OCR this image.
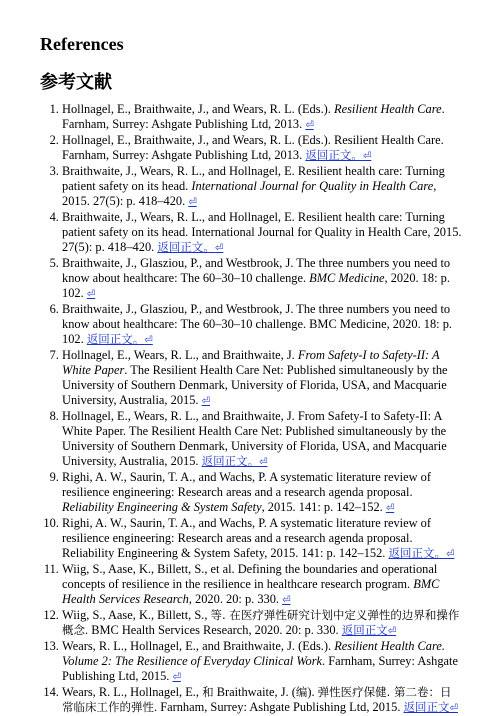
References
参考文献
1. Hollnagel, E., Braithwaite, J., and Wears, R. L. (Eds.). Resilient Health Care. Farnham, Surrey: Ashgate Publishing Ltd, 2013. ⏎
2. Hollnagel, E., Braithwaite, J., and Wears, R. L. (Eds.). Resilient Health Care. Farnham, Surrey: Ashgate Publishing Ltd, 2013. 返回正文。⏎
3. Braithwaite, J., Wears, R. L., and Hollnagel, E. Resilient health care: Turning patient safety on its head. International Journal for Quality in Health Care, 2015. 27(5): p. 418–420. ⏎
4. Braithwaite, J., Wears, R. L., and Hollnagel, E. Resilient health care: Turning patient safety on its head. International Journal for Quality in Health Care, 2015. 27(5): p. 418–420. 返回正文。⏎
5. Braithwaite, J., Glasziou, P., and Westbrook, J. The three numbers you need to know about healthcare: The 60–30–10 challenge. BMC Medicine, 2020. 18: p. 102. ⏎
6. Braithwaite, J., Glasziou, P., and Westbrook, J. The three numbers you need to know about healthcare: The 60–30–10 challenge. BMC Medicine, 2020. 18: p. 102. 返回正文。⏎
7. Hollnagel, E., Wears, R. L., and Braithwaite, J. From Safety-I to Safety-II: A White Paper. The Resilient Health Care Net: Published simultaneously by the University of Southern Denmark, University of Florida, USA, and Macquarie University, Australia, 2015. ⏎
8. Hollnagel, E., Wears, R. L., and Braithwaite, J. From Safety-I to Safety-II: A White Paper. The Resilient Health Care Net: Published simultaneously by the University of Southern Denmark, University of Florida, USA, and Macquarie University, Australia, 2015. 返回正文。⏎
9. Righi, A. W., Saurin, T. A., and Wachs, P. A systematic literature review of resilience engineering: Research areas and a research agenda proposal. Reliability Engineering & System Safety, 2015. 141: p. 142–152. ⏎
10. Righi, A. W., Saurin, T. A., and Wachs, P. A systematic literature review of resilience engineering: Research areas and a research agenda proposal. Reliability Engineering & System Safety, 2015. 141: p. 142–152. 返回正文。⏎
11. Wiig, S., Aase, K., Billett, S., et al. Defining the boundaries and operational concepts of resilience in the resilience in healthcare research program. BMC Health Services Research, 2020. 20: p. 330. ⏎
12. Wiig, S., Aase, K., Billett, S., 等. 在医疗弹性研究计划中定义弹性的边界和操作概念. BMC Health Services Research, 2020. 20: p. 330. 返回正文⏎
13. Wears, R. L., Hollnagel, E., and Braithwaite, J. (Eds.). Resilient Health Care. Volume 2: The Resilience of Everyday Clinical Work. Farnham, Surrey: Ashgate Publishing Ltd, 2015. ⏎
14. Wears, R. L., Hollnagel, E., 和 Braithwaite, J. (编). 弹性医疗保健. 第二卷：日常临床工作的弹性. Farnham, Surrey: Ashgate Publishing Ltd, 2015. 返回正文⏎
